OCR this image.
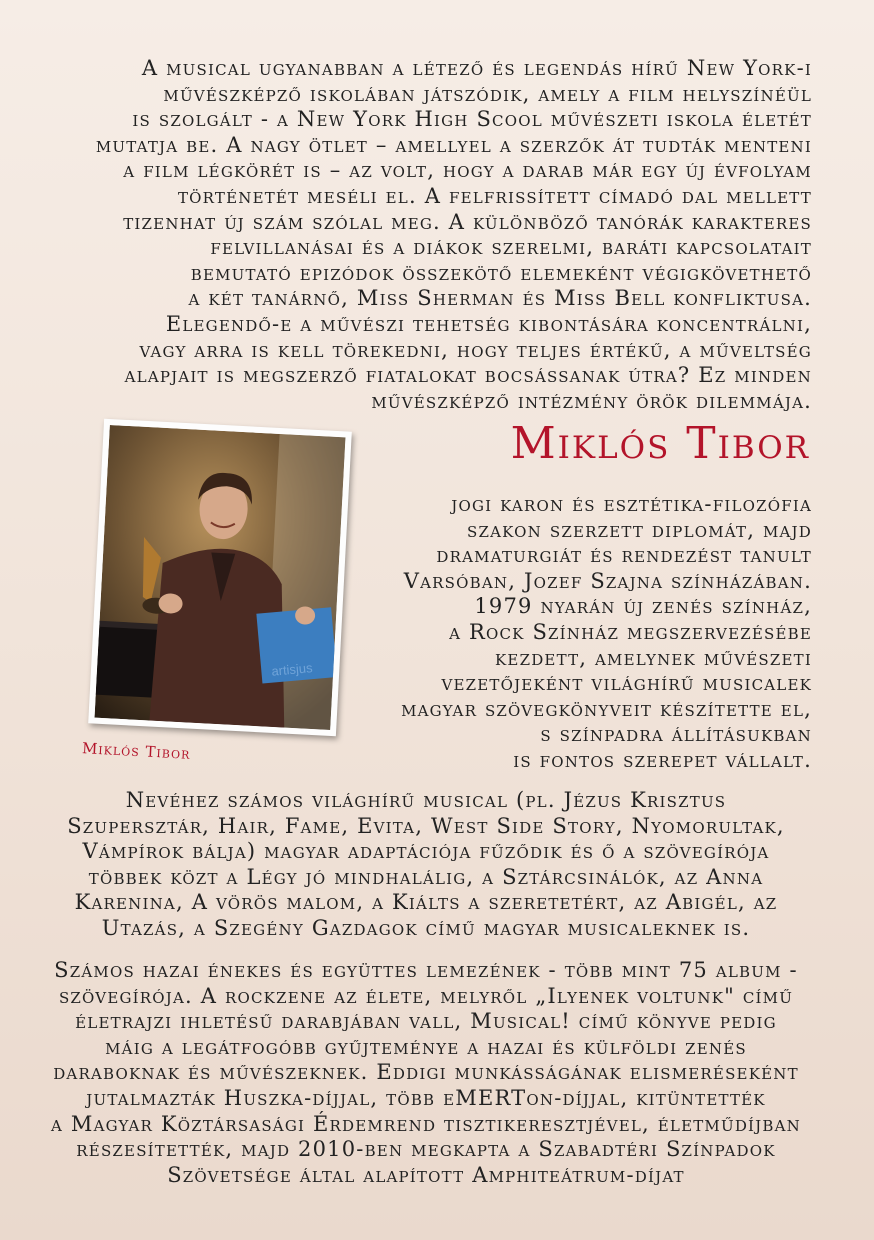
A musical ugyanabban a létező és legendás hírű New York-i
művészképző iskolában játszódik, amely a film helyszínéül
is szolgált - a New York High Scool művészeti iskola életét
mutatja be. A nagy ötlet – amellyel a szerzők át tudták menteni
a film légkörét is – az volt, hogy a darab már egy új évfolyam
történetét meséli el. A felfrissített címadó dal mellett
tizenhat új szám szólal meg. A különböző tanórák karakteres
felvillanásai és a diákok szerelmi, baráti kapcsolatait
bemutató epizódok összekötő elemeként végigkövethető
a két tanárnő, Miss Sherman és Miss Bell konfliktusa.
Elegendő-e a művészi tehetség kibontására koncentrálni,
vagy arra is kell törekedni, hogy teljes értékű, a műveltség
alapjait is megszerző fiatalokat bocsássanak útra? Ez minden
művészképző intézmény örök dilemmája.
artisjus

Miklós Tibor

Miklós Tibor
jogi karon és esztétika-filozófia
szakon szerzett diplomát, majd
dramaturgiát és rendezést tanult
Varsóban, Jozef Szajna színházában.
1979 nyarán új zenés színház,
a Rock Színház megszervezésébe
kezdett, amelynek művészeti
vezetőjeként világhírű musicalek
magyar szövegkönyveit készítette el,
s színpadra állításukban
is fontos szerepet vállalt.
Nevéhez számos világhírű musical (pl. Jézus Krisztus
Szupersztár, Hair, Fame, Evita, West Side Story, Nyomorultak,
Vámpírok bálja) magyar adaptációja fűződik és ő a szövegírója
többek közt a Légy jó mindhalálig, a Sztárcsinálók, az Anna
Karenina, A vörös malom, a Kiálts a szeretetért, az Abigél, az
Utazás, a Szegény Gazdagok című magyar musicaleknek is.
Számos hazai énekes és együttes lemezének - több mint 75 album -
szövegírója. A rockzene az élete, melyről „Ilyenek voltunk" című
életrajzi ihletésű darabjában vall, Musical! című könyve pedig
máig a legátfogóbb gyűjteménye a hazai és külföldi zenés
daraboknak és művészeknek. Eddigi munkásságának elismeréseként
jutalmazták Huszka-díjjal, több eMERTon-díjjal, kitüntették
a Magyar Köztársasági Érdemrend tisztikeresztjével, életműdíjban
részesítették, majd 2010-ben megkapta a Szabadtéri Színpadok
Szövetsége által alapított Amphiteátrum-díjat
